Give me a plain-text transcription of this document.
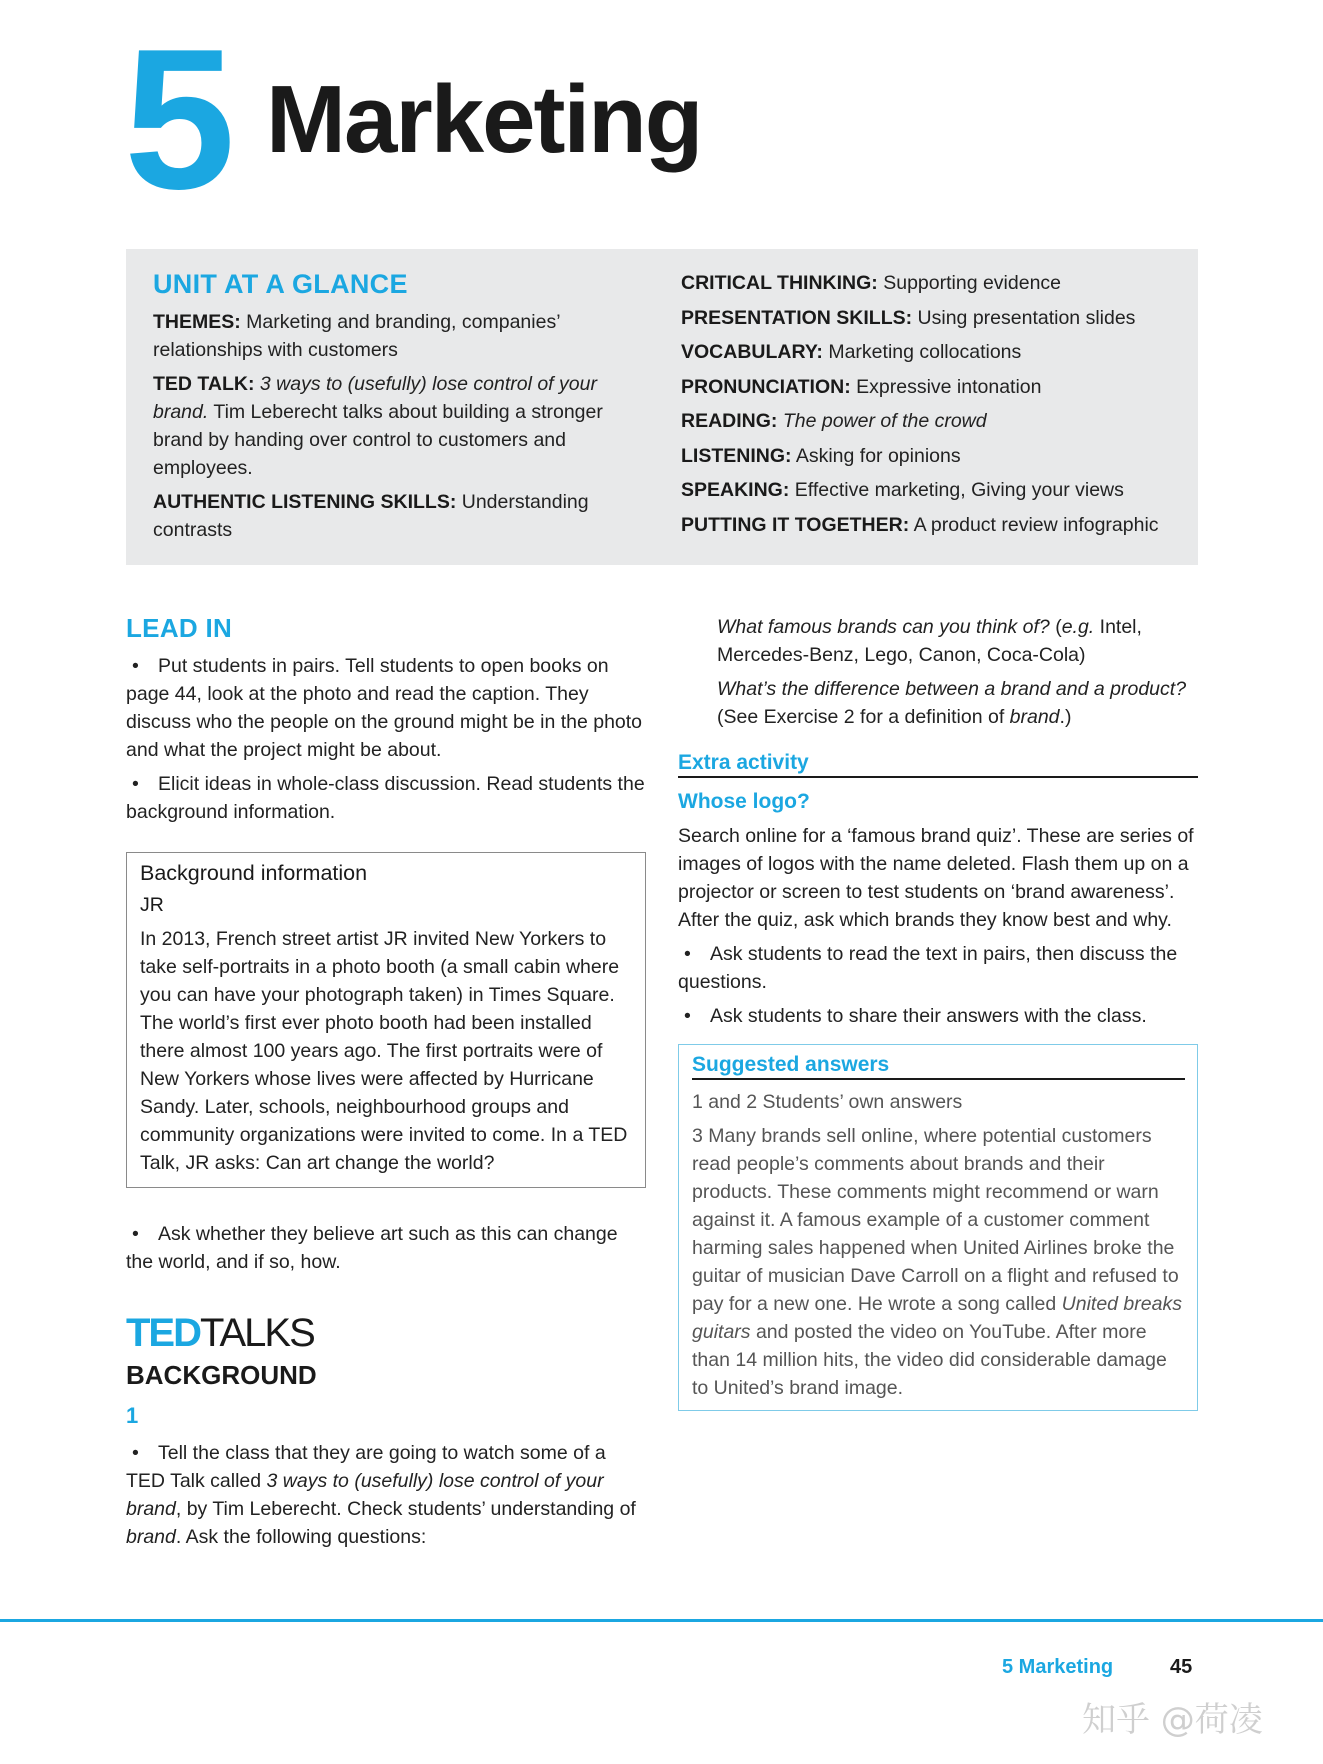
5 Marketing
UNIT AT A GLANCE

THEMES: Marketing and branding, companies’ relationships with customers

TED TALK: 3 ways to (usefully) lose control of your brand. Tim Leberecht talks about building a stronger brand by handing over control to customers and employees.

AUTHENTIC LISTENING SKILLS: Understanding contrasts

CRITICAL THINKING: Supporting evidence

PRESENTATION SKILLS: Using presentation slides

VOCABULARY: Marketing collocations

PRONUNCIATION: Expressive intonation

READING: The power of the crowd

LISTENING: Asking for opinions

SPEAKING: Effective marketing, Giving your views

PUTTING IT TOGETHER: A product review infographic

LEAD IN

• Put students in pairs. Tell students to open books on page 44, look at the photo and read the caption. They discuss who the people on the ground might be in the photo and what the project might be about.

• Elicit ideas in whole-class discussion. Read students the background information.

Background information
JR

In 2013, French street artist JR invited New Yorkers to take self-portraits in a photo booth (a small cabin where you can have your photograph taken) in Times Square. The world’s first ever photo booth had been installed there almost 100 years ago. The first portraits were of New Yorkers whose lives were affected by Hurricane Sandy. Later, schools, neighbourhood groups and community organizations were invited to come. In a TED Talk, JR asks: Can art change the world?

• Ask whether they believe art such as this can change the world, and if so, how.

TEDTALKS
BACKGROUND
1

• Tell the class that they are going to watch some of a TED Talk called 3 ways to (usefully) lose control of your brand, by Tim Leberecht. Check students’ understanding of brand. Ask the following questions:

What famous brands can you think of? (e.g. Intel, Mercedes-Benz, Lego, Canon, Coca-Cola)

What’s the difference between a brand and a product? (See Exercise 2 for a definition of brand.)

Extra activity
Whose logo?

Search online for a ‘famous brand quiz’. These are series of images of logos with the name deleted. Flash them up on a projector or screen to test students on ‘brand awareness’. After the quiz, ask which brands they know best and why.

• Ask students to read the text in pairs, then discuss the questions.

• Ask students to share their answers with the class.

Suggested answers

1 and 2 Students’ own answers

3 Many brands sell online, where potential customers read people’s comments about brands and their products. These comments might recommend or warn against it. A famous example of a customer comment harming sales happened when United Airlines broke the guitar of musician Dave Carroll on a flight and refused to pay for a new one. He wrote a song called United breaks guitars and posted the video on YouTube. After more than 14 million hits, the video did considerable damage to United’s brand image.

5 Marketing	45
知乎 @荷凌
